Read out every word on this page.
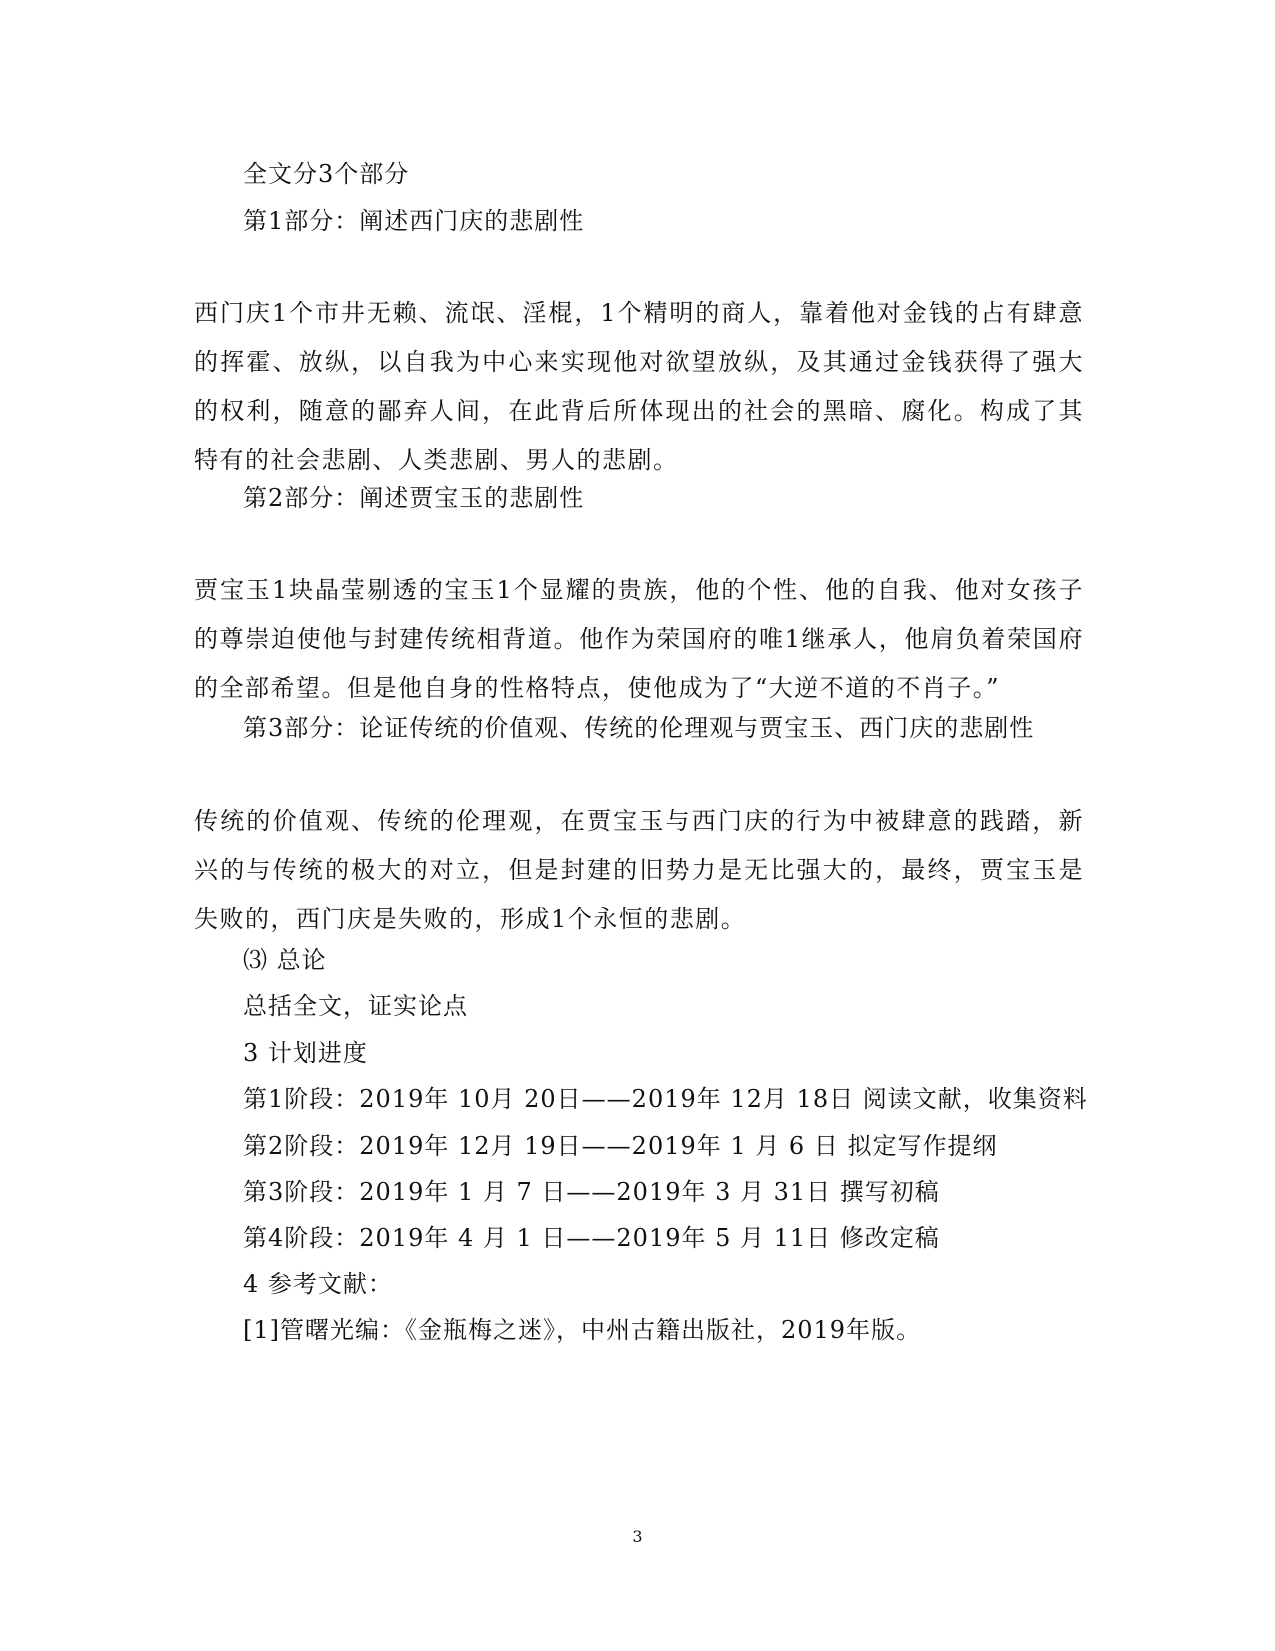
全文分3个部分
第1部分：阐述西门庆的悲剧性
西门庆1个市井无赖、流氓、淫棍，1个精明的商人，靠着他对金钱的占有肆意的挥霍、放纵，以自我为中心来实现他对欲望放纵，及其通过金钱获得了强大的权利，随意的鄙弃人间，在此背后所体现出的社会的黑暗、腐化。构成了其特有的社会悲剧、人类悲剧、男人的悲剧。
第2部分：阐述贾宝玉的悲剧性
贾宝玉1块晶莹剔透的宝玉1个显耀的贵族，他的个性、他的自我、他对女孩子的尊崇迫使他与封建传统相背道。他作为荣国府的唯1继承人，他肩负着荣国府的全部希望。但是他自身的性格特点，使他成为了“大逆不道的不肖子。”
第3部分：论证传统的价值观、传统的伦理观与贾宝玉、西门庆的悲剧性
传统的价值观、传统的伦理观，在贾宝玉与西门庆的行为中被肆意的践踏，新兴的与传统的极大的对立，但是封建的旧势力是无比强大的，最终，贾宝玉是失败的，西门庆是失败的，形成1个永恒的悲剧。
⑶ 总论
总括全文，证实论点
3 计划进度
第1阶段：2019年 10月 20日——2019年 12月 18日 阅读文献，收集资料
第2阶段：2019年 12月 19日——2019年 1 月 6 日 拟定写作提纲
第3阶段：2019年 1 月 7 日——2019年 3 月 31日 撰写初稿
第4阶段：2019年 4 月 1 日——2019年 5 月 11日 修改定稿
4 参考文献：
[1]管曙光编：《金瓶梅之迷》，中州古籍出版社，2019年版。
3
